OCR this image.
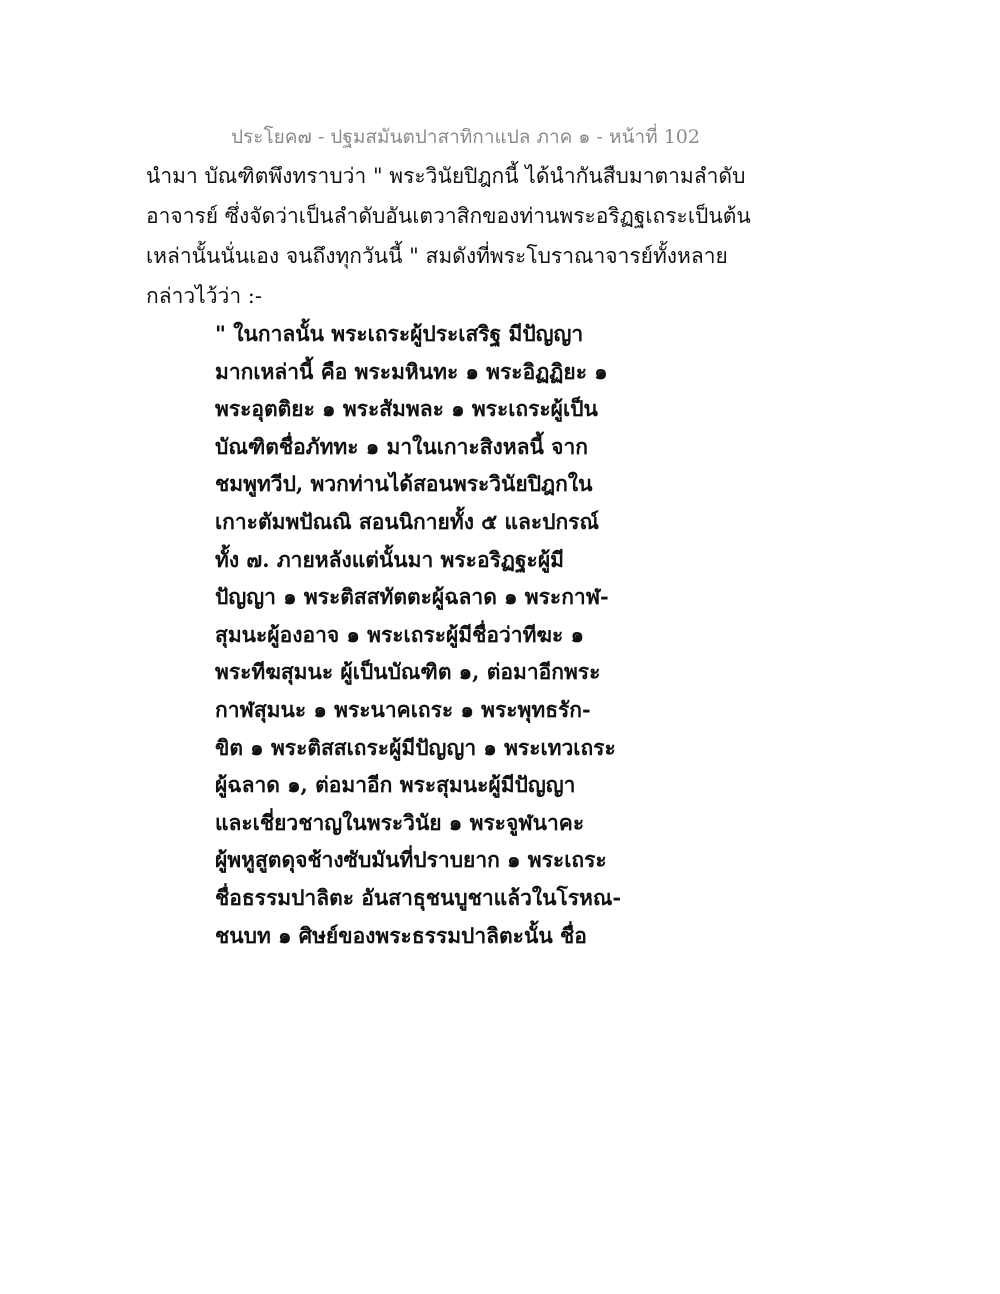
ประโยค๗ - ปฐมสมันตปาสาทิกาแปล ภาค ๑ - หน้าที่ 102
นำมา บัณฑิตพึงทราบว่า " พระวินัยปิฎกนี้ ได้นำกันสืบมาตามลำดับ
อาจารย์ ซึ่งจัดว่าเป็นลำดับอันเตวาสิกของท่านพระอริฏฐเถระเป็นต้น
เหล่านั้นนั่นเอง จนถึงทุกวันนี้ " สมดังที่พระโบราณาจารย์ทั้งหลาย
กล่าวไว้ว่า :-
" ในกาลนั้น พระเถระผู้ประเสริฐ มีปัญญา
มากเหล่านี้ คือ พระมหินทะ ๑ พระอิฏฏิยะ ๑
พระอุตติยะ ๑ พระสัมพละ ๑ พระเถระผู้เป็น
บัณฑิตชื่อภัททะ ๑ มาในเกาะสิงหลนี้ จาก
ชมพูทวีป, พวกท่านได้สอนพระวินัยปิฎกใน
เกาะตัมพปัณณิ สอนนิกายทั้ง ๕ และปกรณ์
ทั้ง ๗. ภายหลังแต่นั้นมา พระอริฏฐะผู้มี
ปัญญา ๑ พระติสสทัตตะผู้ฉลาด ๑ พระกาฬ-
สุมนะผู้องอาจ ๑ พระเถระผู้มีชื่อว่าทีฆะ ๑
พระทีฆสุมนะ ผู้เป็นบัณฑิต ๑, ต่อมาอีกพระ
กาฬสุมนะ ๑ พระนาคเถระ ๑ พระพุทธรัก-
ขิต ๑ พระติสสเถระผู้มีปัญญา ๑ พระเทวเถระ
ผู้ฉลาด ๑, ต่อมาอีก พระสุมนะผู้มีปัญญา
และเชี่ยวชาญในพระวินัย ๑ พระจูฬนาคะ
ผู้พหูสูตดุจช้างซับมันที่ปราบยาก ๑ พระเถระ
ชื่อธรรมปาลิตะ อันสาธุชนบูชาแล้วในโรหณ-
ชนบท ๑ ศิษย์ของพระธรรมปาลิตะนั้น ชื่อ
